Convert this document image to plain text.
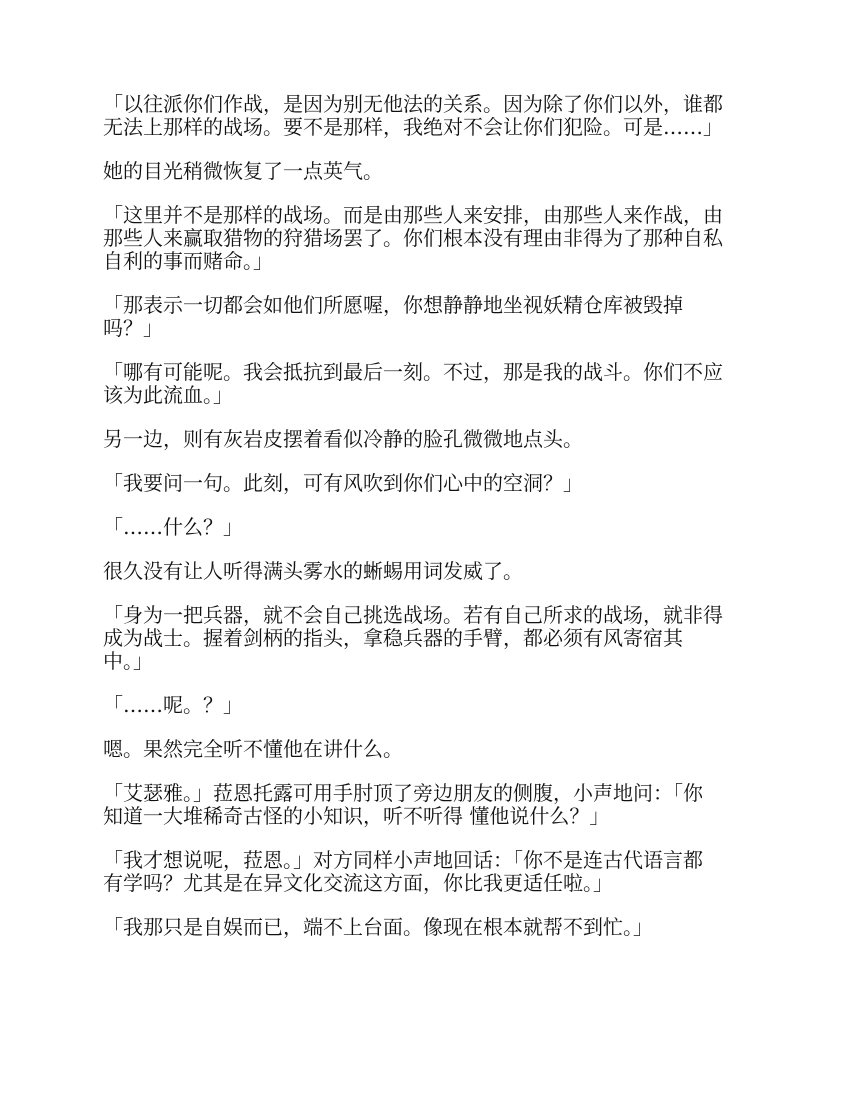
「以往派你们作战，是因为别无他法的关系。因为除了你们以外，谁都
无法上那样的战场。要不是那样，我绝对不会让你们犯险。可是……」

她的目光稍微恢复了一点英气。

「这里并不是那样的战场。而是由那些人来安排，由那些人来作战，由
那些人来赢取猎物的狩猎场罢了。你们根本没有理由非得为了那种自私
自利的事而赌命。」

「那表示一切都会如他们所愿喔，你想静静地坐视妖精仓库被毁掉
吗？」

「哪有可能呢。我会抵抗到最后一刻。不过，那是我的战斗。你们不应
该为此流血。」

另一边，则有灰岩皮摆着看似冷静的脸孔微微地点头。

「我要问一句。此刻，可有风吹到你们心中的空洞？」

「……什么？」

很久没有让人听得满头雾水的蜥蜴用词发威了。

「身为一把兵器，就不会自己挑选战场。若有自己所求的战场，就非得
成为战士。握着剑柄的指头，拿稳兵器的手臂，都必须有风寄宿其
中。」

「……呢。？」

嗯。果然完全听不懂他在讲什么。

「艾瑟雅。」菈恩托露可用手肘顶了旁边朋友的侧腹，小声地问：「你
知道一大堆稀奇古怪的小知识，听不听得 懂他说什么？」

「我才想说呢，菈恩。」对方同样小声地回话：「你不是连古代语言都
有学吗？尤其是在异文化交流这方面，你比我更适任啦。」

「我那只是自娱而已，端不上台面。像现在根本就帮不到忙。」
